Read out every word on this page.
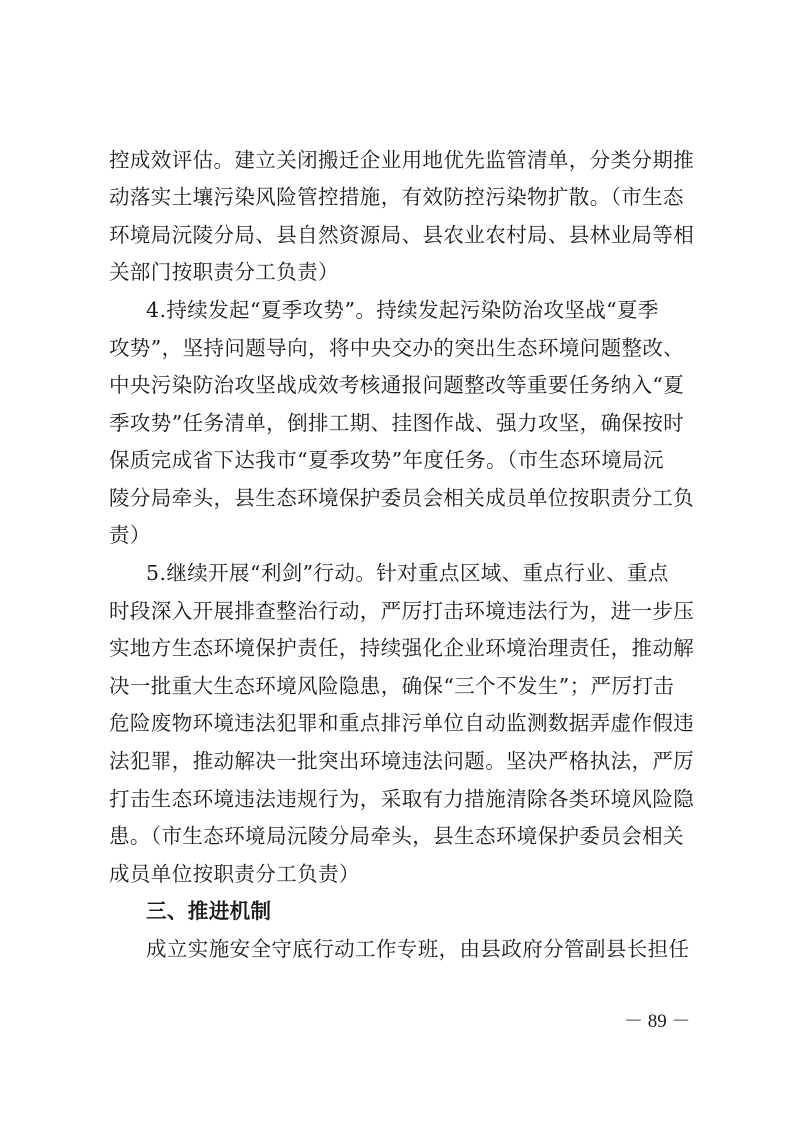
控成效评估。建立关闭搬迁企业用地优先监管清单，分类分期推
动落实土壤污染风险管控措施，有效防控污染物扩散。（市生态
环境局沅陵分局、县自然资源局、县农业农村局、县林业局等相
关部门按职责分工负责）
4.持续发起“夏季攻势”。持续发起污染防治攻坚战“夏季
攻势”，坚持问题导向，将中央交办的突出生态环境问题整改、
中央污染防治攻坚战成效考核通报问题整改等重要任务纳入“夏
季攻势”任务清单，倒排工期、挂图作战、强力攻坚，确保按时
保质完成省下达我市“夏季攻势”年度任务。（市生态环境局沅
陵分局牵头，县生态环境保护委员会相关成员单位按职责分工负
责）
5.继续开展“利剑”行动。针对重点区域、重点行业、重点
时段深入开展排查整治行动，严厉打击环境违法行为，进一步压
实地方生态环境保护责任，持续强化企业环境治理责任，推动解
决一批重大生态环境风险隐患，确保“三个不发生”；严厉打击
危险废物环境违法犯罪和重点排污单位自动监测数据弄虚作假违
法犯罪，推动解决一批突出环境违法问题。坚决严格执法，严厉
打击生态环境违法违规行为，采取有力措施清除各类环境风险隐
患。（市生态环境局沅陵分局牵头，县生态环境保护委员会相关
成员单位按职责分工负责）
三、推进机制
成立实施安全守底行动工作专班，由县政府分管副县长担任
－ 89 －
